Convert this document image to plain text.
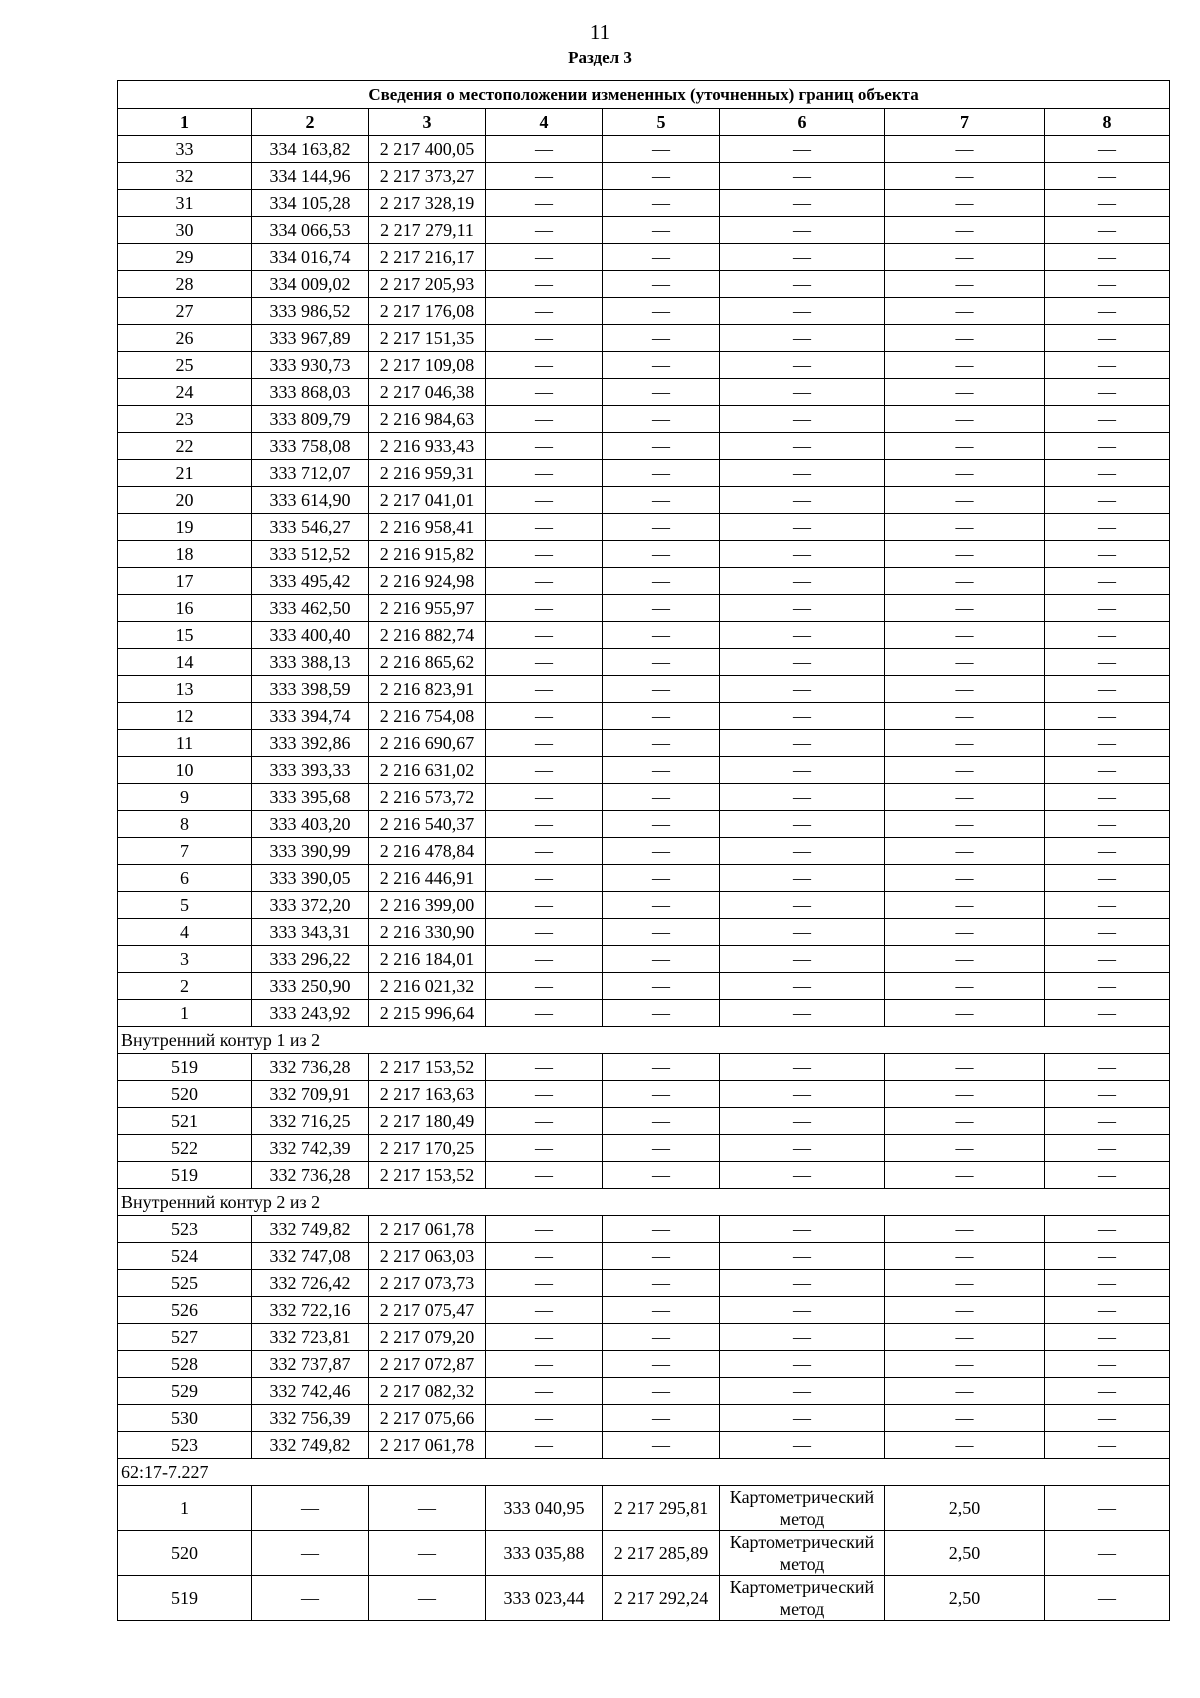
11
Раздел 3
Сведения о местоположении измененных (уточненных) границ объекта							
1	2	3	4	5	6	7	8
33	334 163,82	2 217 400,05	—	—	—	—	—
32	334 144,96	2 217 373,27	—	—	—	—	—
31	334 105,28	2 217 328,19	—	—	—	—	—
30	334 066,53	2 217 279,11	—	—	—	—	—
29	334 016,74	2 217 216,17	—	—	—	—	—
28	334 009,02	2 217 205,93	—	—	—	—	—
27	333 986,52	2 217 176,08	—	—	—	—	—
26	333 967,89	2 217 151,35	—	—	—	—	—
25	333 930,73	2 217 109,08	—	—	—	—	—
24	333 868,03	2 217 046,38	—	—	—	—	—
23	333 809,79	2 216 984,63	—	—	—	—	—
22	333 758,08	2 216 933,43	—	—	—	—	—
21	333 712,07	2 216 959,31	—	—	—	—	—
20	333 614,90	2 217 041,01	—	—	—	—	—
19	333 546,27	2 216 958,41	—	—	—	—	—
18	333 512,52	2 216 915,82	—	—	—	—	—
17	333 495,42	2 216 924,98	—	—	—	—	—
16	333 462,50	2 216 955,97	—	—	—	—	—
15	333 400,40	2 216 882,74	—	—	—	—	—
14	333 388,13	2 216 865,62	—	—	—	—	—
13	333 398,59	2 216 823,91	—	—	—	—	—
12	333 394,74	2 216 754,08	—	—	—	—	—
11	333 392,86	2 216 690,67	—	—	—	—	—
10	333 393,33	2 216 631,02	—	—	—	—	—
9	333 395,68	2 216 573,72	—	—	—	—	—
8	333 403,20	2 216 540,37	—	—	—	—	—
7	333 390,99	2 216 478,84	—	—	—	—	—
6	333 390,05	2 216 446,91	—	—	—	—	—
5	333 372,20	2 216 399,00	—	—	—	—	—
4	333 343,31	2 216 330,90	—	—	—	—	—
3	333 296,22	2 216 184,01	—	—	—	—	—
2	333 250,90	2 216 021,32	—	—	—	—	—
1	333 243,92	2 215 996,64	—	—	—	—	—
Внутренний контур 1 из 2							
519	332 736,28	2 217 153,52	—	—	—	—	—
520	332 709,91	2 217 163,63	—	—	—	—	—
521	332 716,25	2 217 180,49	—	—	—	—	—
522	332 742,39	2 217 170,25	—	—	—	—	—
519	332 736,28	2 217 153,52	—	—	—	—	—
Внутренний контур 2 из 2							
523	332 749,82	2 217 061,78	—	—	—	—	—
524	332 747,08	2 217 063,03	—	—	—	—	—
525	332 726,42	2 217 073,73	—	—	—	—	—
526	332 722,16	2 217 075,47	—	—	—	—	—
527	332 723,81	2 217 079,20	—	—	—	—	—
528	332 737,87	2 217 072,87	—	—	—	—	—
529	332 742,46	2 217 082,32	—	—	—	—	—
530	332 756,39	2 217 075,66	—	—	—	—	—
523	332 749,82	2 217 061,78	—	—	—	—	—
62:17-7.227							
1	—	—	333 040,95	2 217 295,81	Картометрический метод	2,50	—
520	—	—	333 035,88	2 217 285,89	Картометрический метод	2,50	—
519	—	—	333 023,44	2 217 292,24	Картометрический метод	2,50	—
